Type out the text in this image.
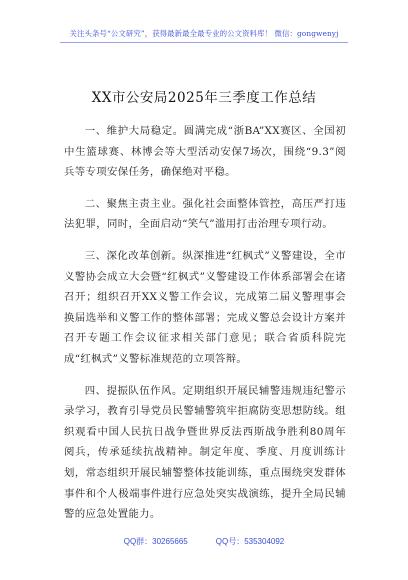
关注头条号“公文研究”，获得最新最全最专业的公文资料库！ 微信：gongwenyj
XX市公安局2025年三季度工作总结

一、维护大局稳定。圆满完成“浙BA”XX赛区、全国初中生篮球赛、林博会等大型活动安保7场次，围绕“9.3”阅兵等专项安保任务，确保绝对平稳。

二、聚焦主责主业。强化社会面整体管控，高压严打违法犯罪，同时，全面启动“笑气”滥用打击治理专项行动。

三、深化改革创新。纵深推进“红枫式”义警建设，全市义警协会成立大会暨“红枫式”义警建设工作体系部署会在诸召开；组织召开XX义警工作会议，完成第二届义警理事会换届选举和义警工作的整体部署；完成义警总会设计方案并召开专题工作会议征求相关部门意见；联合省质科院完成“红枫式”义警标准规范的立项答辩。

四、提振队伍作风。定期组织开展民辅警违规违纪警示录学习，教育引导党员民警辅警筑牢拒腐防变思想防线。组织观看中国人民抗日战争暨世界反法西斯战争胜利80周年阅兵，传承延续抗战精神。制定年度、季度、月度训练计划，常态组织开展民辅警整体技能训练，重点围绕突发群体事件和个人极端事件进行应急处突实战演练，提升全局民辅警的应急处置能力。

QQ群：30265665	QQ号：535304092
